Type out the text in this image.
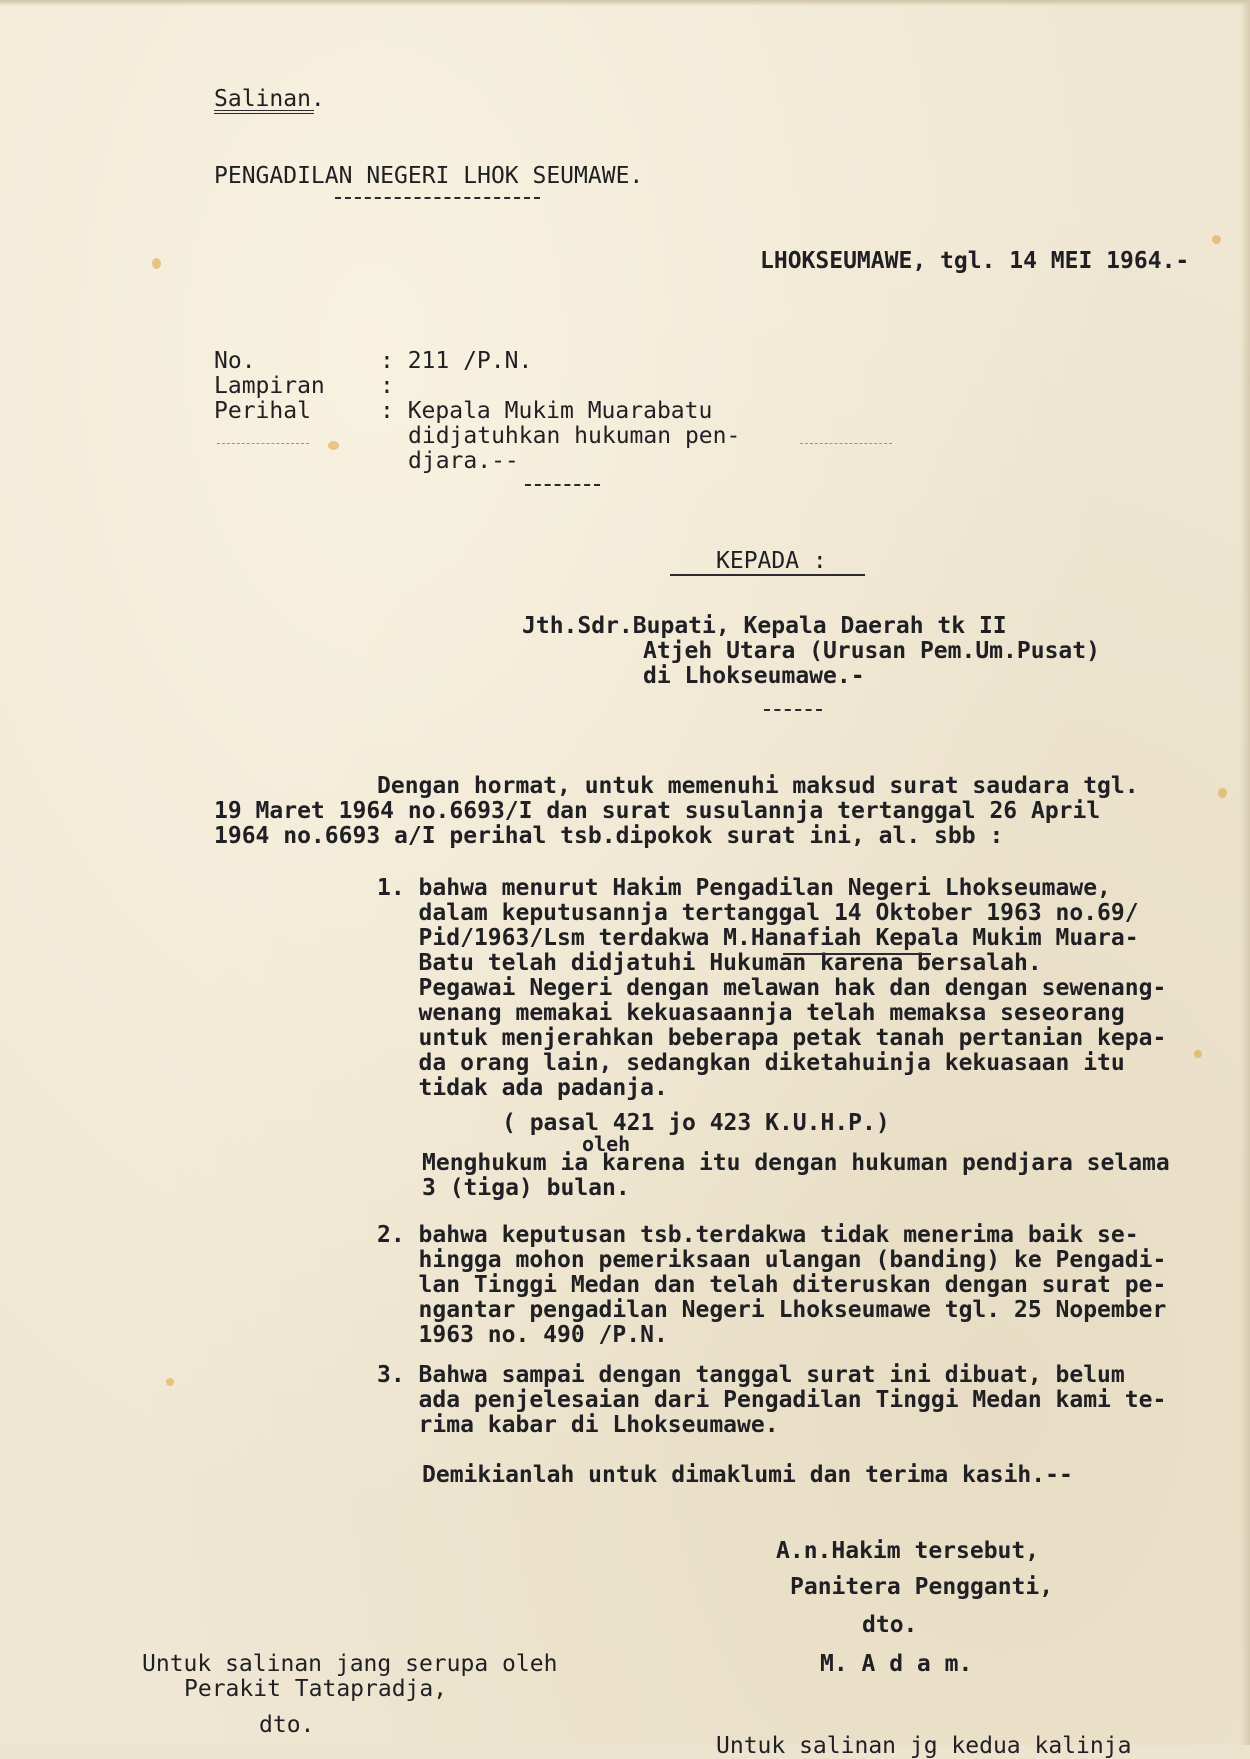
Salinan.
PENGADILAN NEGERI LHOK SEUMAWE.
LHOKSEUMAWE, tgl. 14 MEI 1964.-
No.	: 211 /P.N.
Lampiran :
Perihal	: Kepala Mukim Muarabatu
didjatuhkan hukuman pen-
djara.--
KEPADA :
Jth.Sdr.Bupati, Kepala Daerah tk II
Atjeh Utara (Urusan Pem.Um.Pusat)
di Lhokseumawe.-
Dengan hormat, untuk memenuhi maksud surat saudara tgl.
19 Maret 1964 no.6693/I dan surat susulannja tertanggal 26 April
1964 no.6693 a/I perihal tsb.dipokok surat ini, al. sbb :
1. bahwa menurut Hakim Pengadilan Negeri Lhokseumawe,
dalam keputusannja tertanggal 14 Oktober 1963 no.69/
Pid/1963/Lsm terdakwa M.Hanafiah Kepala Mukim Muara-
Batu telah didjatuhi Hukuman karena bersalah.
Pegawai Negeri dengan melawan hak dan dengan sewenang-
wenang memakai kekuasaannja telah memaksa seseorang
untuk menjerahkan beberapa petak tanah pertanian kepa-
da orang lain, sedangkan diketahuinja kekuasaan itu
tidak ada padanja.
( pasal 421 jo 423 K.U.H.P.)
oleh
Menghukum ia karena itu dengan hukuman pendjara selama
3 (tiga) bulan.
2. bahwa keputusan tsb.terdakwa tidak menerima baik se-
hingga mohon pemeriksaan ulangan (banding) ke Pengadi-
lan Tinggi Medan dan telah diteruskan dengan surat pe-
ngantar pengadilan Negeri Lhokseumawe tgl. 25 Nopember
1963 no. 490 /P.N.
3. Bahwa sampai dengan tanggal surat ini dibuat, belum
ada penjelesaian dari Pengadilan Tinggi Medan kami te-
rima kabar di Lhokseumawe.
Demikianlah untuk dimaklumi dan terima kasih.--
A.n.Hakim tersebut,
Panitera Pengganti,
dto.
M. A d a m.
Untuk salinan jang serupa oleh
Perakit Tatapradja,
dto.
Untuk salinan jg kedua kalinja
